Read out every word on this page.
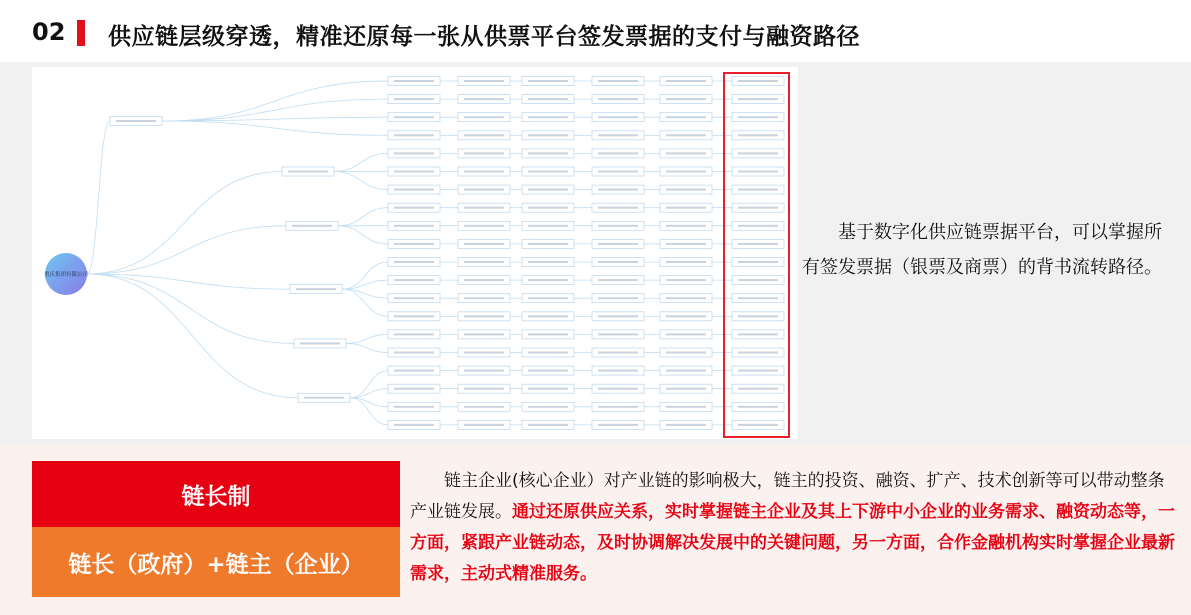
02 供应链层级穿透，精准还原每一张从供票平台签发票据的支付与融资路径
重庆集团有限公司
基于数字化供应链票据平台，可以掌握所有签发票据（银票及商票）的背书流转路径。
链长制
链长（政府）+链主（企业）
链主企业(核心企业）对产业链的影响极大，链主的投资、融资、扩产、技术创新等可以带动整条产业链发展。通过还原供应关系，实时掌握链主企业及其上下游中小企业的业务需求、融资动态等，一方面，紧跟产业链动态，及时协调解决发展中的关键问题，另一方面，合作金融机构实时掌握企业最新需求，主动式精准服务。
